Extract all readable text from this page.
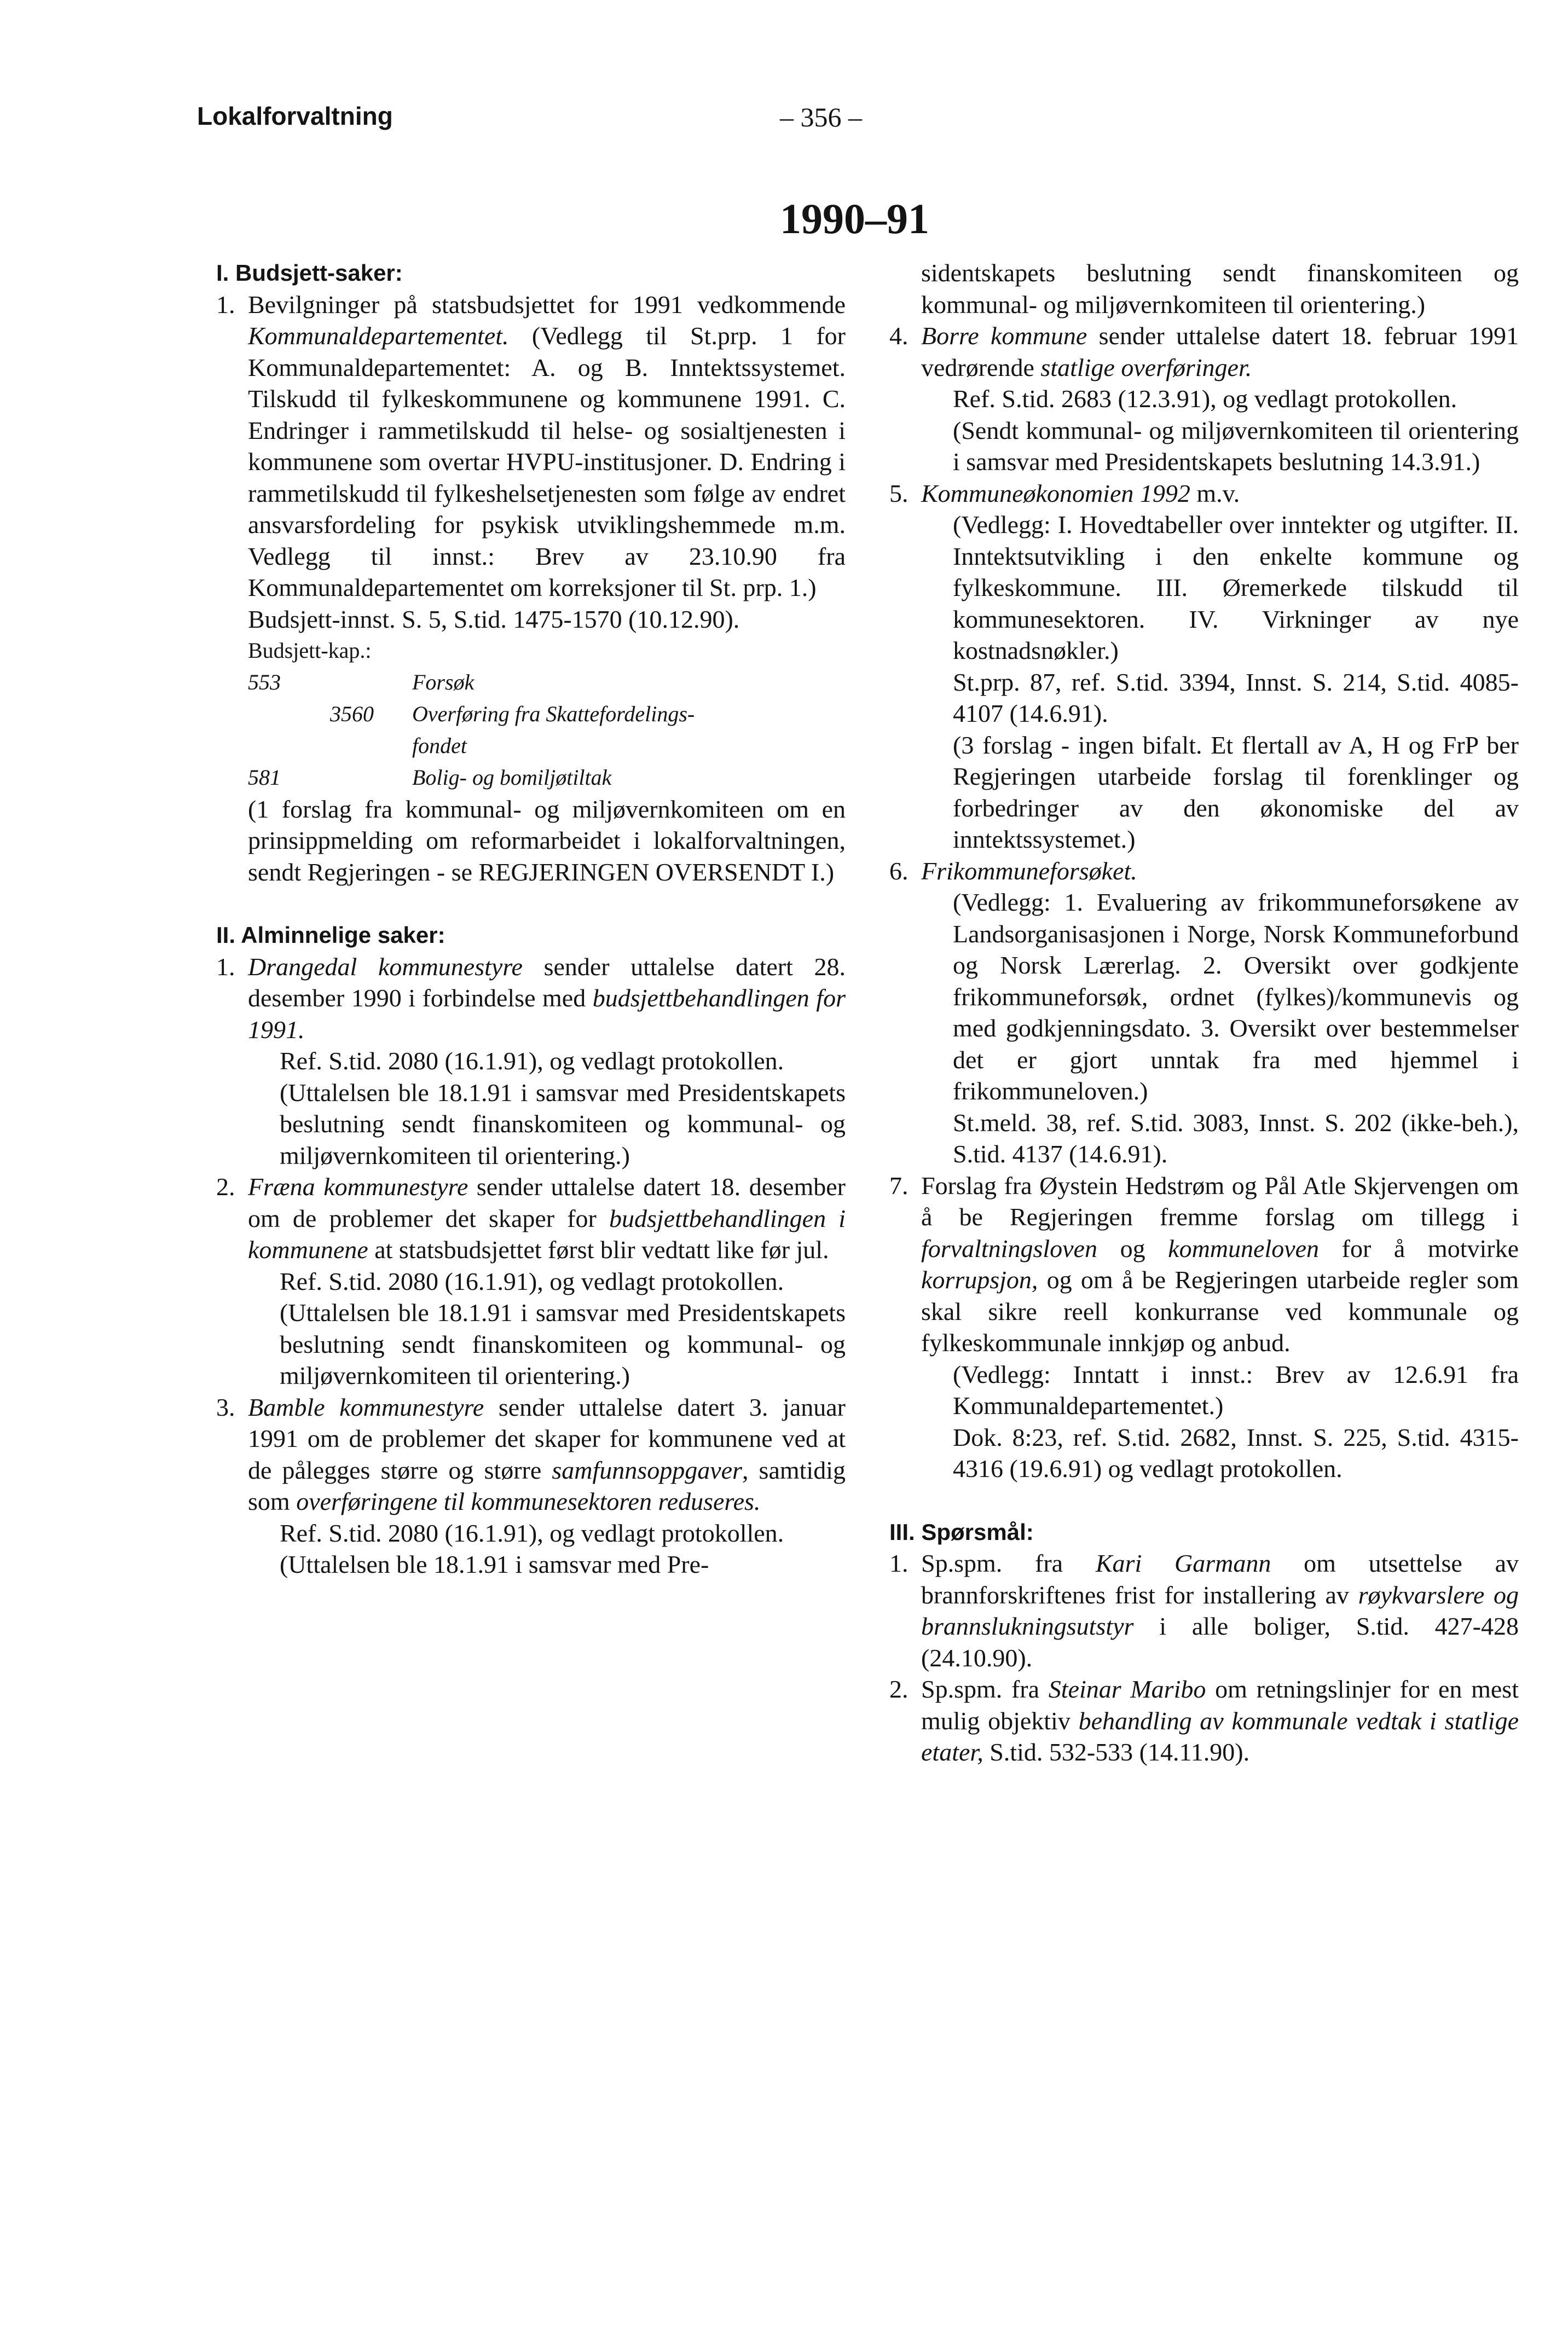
Lokalforvaltning	– 356 –
1990–91

I. Budsjett-saker:

1. Bevilgninger på statsbudsjettet for 1991 vedkommende Kommunaldepartementet. (Vedlegg til St.prp. 1 for Kommunaldepartementet: A. og B. Inntektssystemet. Tilskudd til fylkeskommunene og kommunene 1991. C. Endringer i rammetilskudd til helse- og sosialtjenesten i kommunene som overtar HVPU-institusjoner. D. Endring i rammetilskudd til fylkeshelsetjenesten som følge av endret ansvarsfordeling for psykisk utviklingshemmede m.m. Vedlegg til innst.: Brev av 23.10.90 fra Kommunaldepartementet om korreksjoner til St. prp. 1.)

Budsjett-innst. S. 5, S.tid. 1475-1570 (10.12.90).

Budsjett-kap.:

553	Forsøk
3560 Overføring fra Skattefordelings-
fondet
581	Bolig- og bomiljøtiltak

(1 forslag fra kommunal- og miljøvernkomiteen om en prinsippmelding om reformarbeidet i lokalforvaltningen, sendt Regjeringen - se REGJERINGEN OVERSENDT I.)

II. Alminnelige saker:

1. Drangedal kommunestyre sender uttalelse datert 28. desember 1990 i forbindelse med budsjettbehandlingen for 1991.

Ref. S.tid. 2080 (16.1.91), og vedlagt protokollen.

(Uttalelsen ble 18.1.91 i samsvar med Presidentskapets beslutning sendt finanskomiteen og kommunal- og miljøvernkomiteen til orientering.)

2. Fræna kommunestyre sender uttalelse datert 18. desember om de problemer det skaper for budsjettbehandlingen i kommunene at statsbudsjettet først blir vedtatt like før jul.

Ref. S.tid. 2080 (16.1.91), og vedlagt protokollen.

(Uttalelsen ble 18.1.91 i samsvar med Presidentskapets beslutning sendt finanskomiteen og kommunal- og miljøvernkomiteen til orientering.)

3. Bamble kommunestyre sender uttalelse datert 3. januar 1991 om de problemer det skaper for kommunene ved at de pålegges større og større samfunnsoppgaver, samtidig som overføringene til kommunesektoren reduseres.

Ref. S.tid. 2080 (16.1.91), og vedlagt protokollen.

(Uttalelsen ble 18.1.91 i samsvar med Pre-

sidentskapets beslutning sendt finanskomiteen og kommunal- og miljøvernkomiteen til orientering.)

4. Borre kommune sender uttalelse datert 18. februar 1991 vedrørende statlige overføringer.

Ref. S.tid. 2683 (12.3.91), og vedlagt protokollen.

(Sendt kommunal- og miljøvernkomiteen til orientering i samsvar med Presidentskapets beslutning 14.3.91.)

5. Kommuneøkonomien 1992 m.v.

(Vedlegg: I. Hovedtabeller over inntekter og utgifter. II. Inntektsutvikling i den enkelte kommune og fylkeskommune. III. Øremerkede tilskudd til kommunesektoren. IV. Virkninger av nye kostnadsnøkler.)

St.prp. 87, ref. S.tid. 3394, Innst. S. 214, S.tid. 4085- 4107 (14.6.91).

(3 forslag - ingen bifalt. Et flertall av A, H og FrP ber Regjeringen utarbeide forslag til forenklinger og forbedringer av den økonomiske del av inntektssystemet.)

6. Frikommuneforsøket.

(Vedlegg: 1. Evaluering av frikommuneforsøkene av Landsorganisasjonen i Norge, Norsk Kommuneforbund og Norsk Lærerlag. 2. Oversikt over godkjente frikommuneforsøk, ordnet (fylkes)/kommunevis og med godkjenningsdato. 3. Oversikt over bestemmelser det er gjort unntak fra med hjemmel i frikommuneloven.)

St.meld. 38, ref. S.tid. 3083, Innst. S. 202 (ikke-beh.), S.tid. 4137 (14.6.91).

7. Forslag fra Øystein Hedstrøm og Pål Atle Skjervengen om å be Regjeringen fremme forslag om tillegg i forvaltningsloven og kommuneloven for å motvirke korrupsjon, og om å be Regjeringen utarbeide regler som skal sikre reell konkurranse ved kommunale og fylkeskommunale innkjøp og anbud.

(Vedlegg: Inntatt i innst.: Brev av 12.6.91 fra Kommunaldepartementet.)

Dok. 8:23, ref. S.tid. 2682, Innst. S. 225, S.tid. 4315- 4316 (19.6.91) og vedlagt protokollen.

III. Spørsmål:

1. Sp.spm. fra Kari Garmann om utsettelse av brannforskriftenes frist for installering av røykvarslere og brannslukningsutstyr i alle boliger, S.tid. 427-428 (24.10.90).

2. Sp.spm. fra Steinar Maribo om retningslinjer for en mest mulig objektiv behandling av kommunale vedtak i statlige etater, S.tid. 532-533 (14.11.90).
